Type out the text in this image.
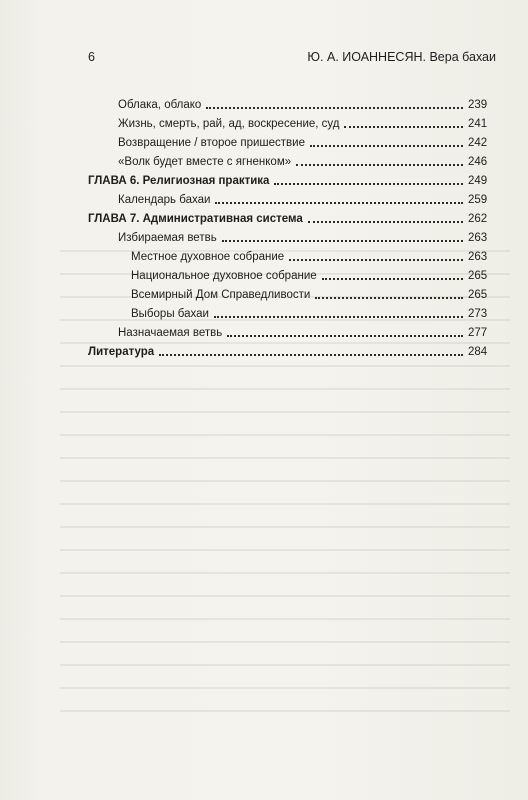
6	Ю. А. ИОАННЕСЯН. Вера бахаи
Облака, облако	239
Жизнь, смерть, рай, ад, воскресение, суд	241
Возвращение / второе пришествие	242
«Волк будет вместе с ягненком»	246
ГЛАВА 6. Религиозная практика	249
Календарь бахаи	259
ГЛАВА 7. Административная система	262
Избираемая ветвь	263
Местное духовное собрание	263
Национальное духовное собрание	265
Всемирный Дом Справедливости	265
Выборы бахаи	273
Назначаемая ветвь	277
Литература	284
